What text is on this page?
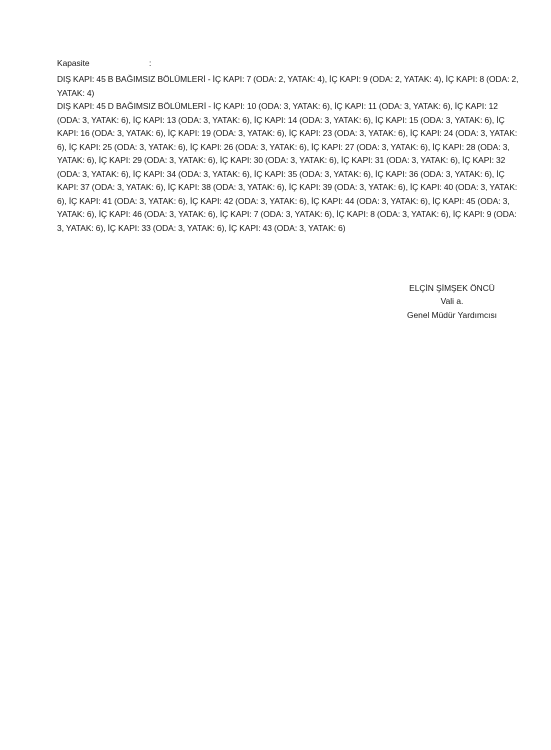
Kapasite	:

DIŞ KAPI: 45 B BAĞIMSIZ BÖLÜMLERİ - İÇ KAPI: 7 (ODA: 2, YATAK: 4), İÇ KAPI: 9 (ODA: 2, YATAK: 4), İÇ KAPI: 8 (ODA: 2, YATAK: 4)

DIŞ KAPI: 45 D BAĞIMSIZ BÖLÜMLERİ - İÇ KAPI: 10 (ODA: 3, YATAK: 6), İÇ KAPI: 11 (ODA: 3, YATAK: 6), İÇ KAPI: 12 (ODA: 3, YATAK: 6), İÇ KAPI: 13 (ODA: 3, YATAK: 6), İÇ KAPI: 14 (ODA: 3, YATAK: 6), İÇ KAPI: 15 (ODA: 3, YATAK: 6), İÇ KAPI: 16 (ODA: 3, YATAK: 6), İÇ KAPI: 19 (ODA: 3, YATAK: 6), İÇ KAPI: 23 (ODA: 3, YATAK: 6), İÇ KAPI: 24 (ODA: 3, YATAK: 6), İÇ KAPI: 25 (ODA: 3, YATAK: 6), İÇ KAPI: 26 (ODA: 3, YATAK: 6), İÇ KAPI: 27 (ODA: 3, YATAK: 6), İÇ KAPI: 28 (ODA: 3, YATAK: 6), İÇ KAPI: 29 (ODA: 3, YATAK: 6), İÇ KAPI: 30 (ODA: 3, YATAK: 6), İÇ KAPI: 31 (ODA: 3, YATAK: 6), İÇ KAPI: 32 (ODA: 3, YATAK: 6), İÇ KAPI: 34 (ODA: 3, YATAK: 6), İÇ KAPI: 35 (ODA: 3, YATAK: 6), İÇ KAPI: 36 (ODA: 3, YATAK: 6), İÇ KAPI: 37 (ODA: 3, YATAK: 6), İÇ KAPI: 38 (ODA: 3, YATAK: 6), İÇ KAPI: 39 (ODA: 3, YATAK: 6), İÇ KAPI: 40 (ODA: 3, YATAK: 6), İÇ KAPI: 41 (ODA: 3, YATAK: 6), İÇ KAPI: 42 (ODA: 3, YATAK: 6), İÇ KAPI: 44 (ODA: 3, YATAK: 6), İÇ KAPI: 45 (ODA: 3, YATAK: 6), İÇ KAPI: 46 (ODA: 3, YATAK: 6), İÇ KAPI: 7 (ODA: 3, YATAK: 6), İÇ KAPI: 8 (ODA: 3, YATAK: 6), İÇ KAPI: 9 (ODA: 3, YATAK: 6), İÇ KAPI: 33 (ODA: 3, YATAK: 6), İÇ KAPI: 43 (ODA: 3, YATAK: 6)

ELÇİN ŞİMŞEK ÖNCÜ
Vali a.
Genel Müdür Yardımcısı
